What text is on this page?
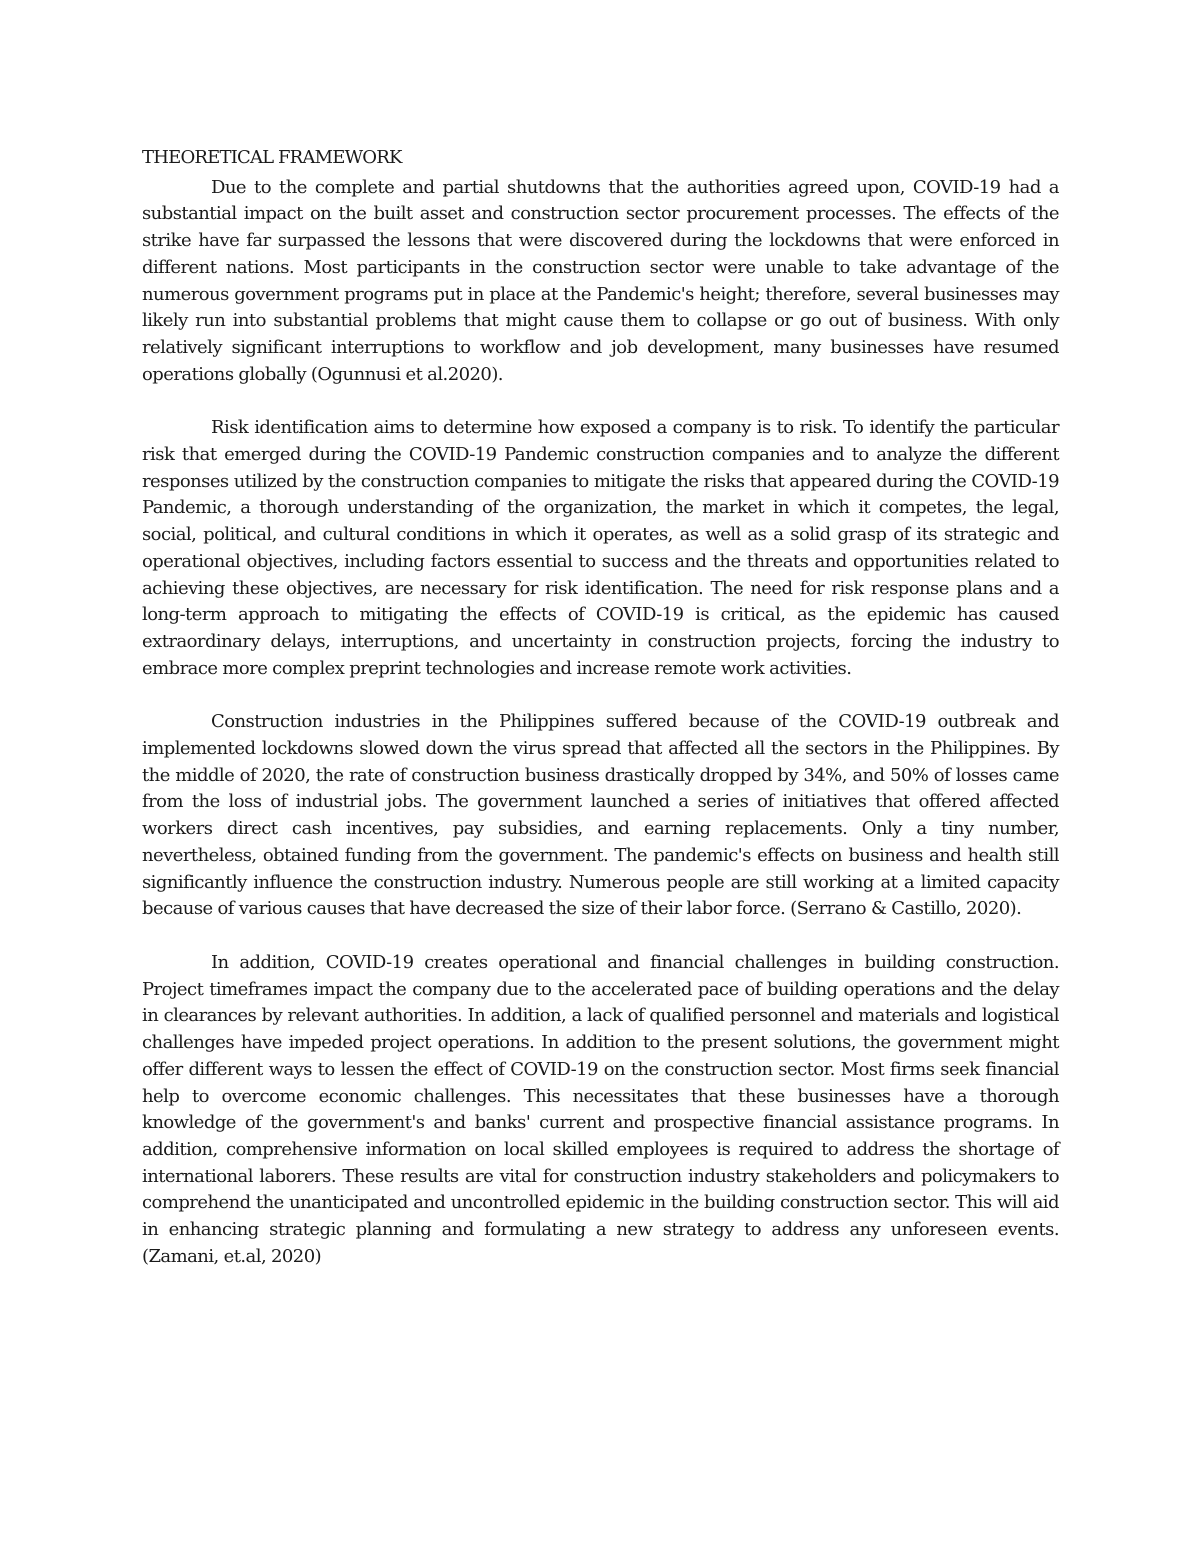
THEORETICAL FRAMEWORK

Due to the complete and partial shutdowns that the authorities agreed upon, COVID-19 had a substantial impact on the built asset and construction sector procurement processes. The effects of the strike have far surpassed the lessons that were discovered during the lockdowns that were enforced in different nations. Most participants in the construction sector were unable to take advantage of the numerous government programs put in place at the Pandemic's height; therefore, several businesses may likely run into substantial problems that might cause them to collapse or go out of business. With only relatively significant interruptions to workflow and job development, many businesses have resumed operations globally (Ogunnusi et al.2020).

Risk identification aims to determine how exposed a company is to risk. To identify the particular risk that emerged during the COVID-19 Pandemic construction companies and to analyze the different responses utilized by the construction companies to mitigate the risks that appeared during the COVID-19 Pandemic, a thorough understanding of the organization, the market in which it competes, the legal, social, political, and cultural conditions in which it operates, as well as a solid grasp of its strategic and operational objectives, including factors essential to success and the threats and opportunities related to achieving these objectives, are necessary for risk identification. The need for risk response plans and a long-term approach to mitigating the effects of COVID-19 is critical, as the epidemic has caused extraordinary delays, interruptions, and uncertainty in construction projects, forcing the industry to embrace more complex preprint technologies and increase remote work activities.

Construction industries in the Philippines suffered because of the COVID-19 outbreak and implemented lockdowns slowed down the virus spread that affected all the sectors in the Philippines. By the middle of 2020, the rate of construction business drastically dropped by 34%, and 50% of losses came from the loss of industrial jobs. The government launched a series of initiatives that offered affected workers direct cash incentives, pay subsidies, and earning replacements. Only a tiny number, nevertheless, obtained funding from the government. The pandemic's effects on business and health still significantly influence the construction industry. Numerous people are still working at a limited capacity because of various causes that have decreased the size of their labor force. (Serrano & Castillo, 2020).

In addition, COVID-19 creates operational and financial challenges in building construction. Project timeframes impact the company due to the accelerated pace of building operations and the delay in clearances by relevant authorities. In addition, a lack of qualified personnel and materials and logistical challenges have impeded project operations. In addition to the present solutions, the government might offer different ways to lessen the effect of COVID-19 on the construction sector. Most firms seek financial help to overcome economic challenges. This necessitates that these businesses have a thorough knowledge of the government's and banks' current and prospective financial assistance programs. In addition, comprehensive information on local skilled employees is required to address the shortage of international laborers. These results are vital for construction industry stakeholders and policymakers to comprehend the unanticipated and uncontrolled epidemic in the building construction sector. This will aid in enhancing strategic planning and formulating a new strategy to address any unforeseen events. (Zamani, et.al, 2020)
